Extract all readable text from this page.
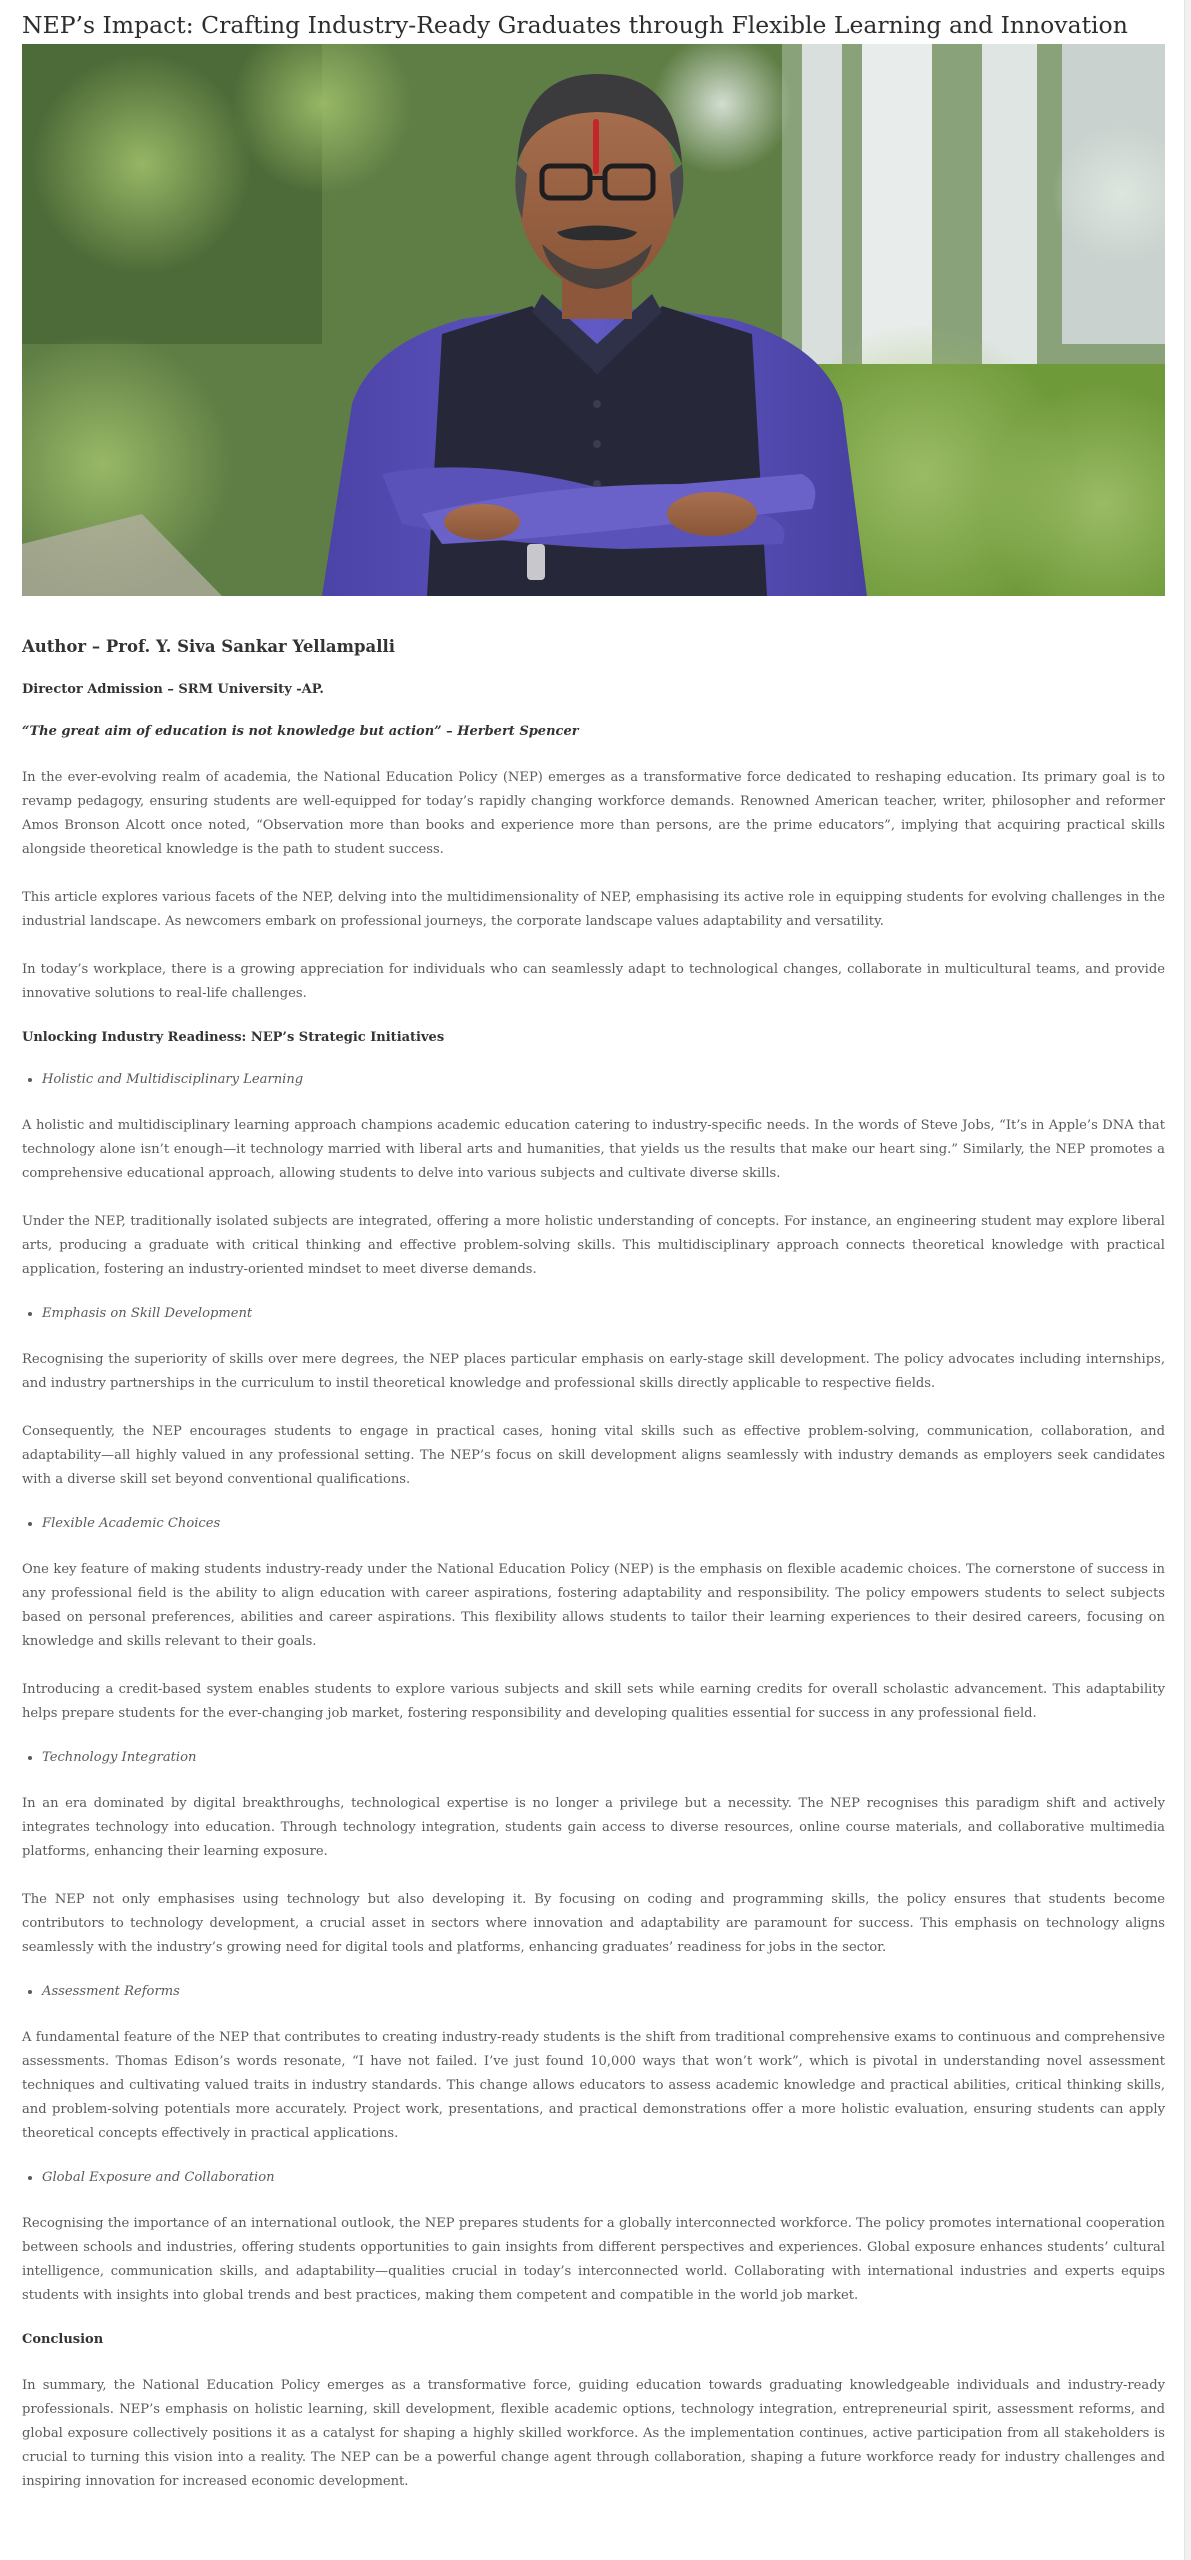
NEP’s Impact: Crafting Industry-Ready Graduates through Flexible Learning and Innovation
Author – Prof. Y. Siva Sankar Yellampalli
Director Admission – SRM University -AP.
“The great aim of education is not knowledge but action” – Herbert Spencer

In the ever-evolving realm of academia, the National Education Policy (NEP) emerges as a transformative force dedicated to reshaping education. Its primary goal is to revamp pedagogy, ensuring students are well-equipped for today’s rapidly changing workforce demands. Renowned American teacher, writer, philosopher and reformer Amos Bronson Alcott once noted, “Observation more than books and experience more than persons, are the prime educators”, implying that acquiring practical skills alongside theoretical knowledge is the path to student success.

This article explores various facets of the NEP, delving into the multidimensionality of NEP, emphasising its active role in equipping students for evolving challenges in the industrial landscape. As newcomers embark on professional journeys, the corporate landscape values adaptability and versatility.

In today’s workplace, there is a growing appreciation for individuals who can seamlessly adapt to technological changes, collaborate in multicultural teams, and provide innovative solutions to real-life challenges.

Unlocking Industry Readiness: NEP’s Strategic Initiatives
• Holistic and Multidisciplinary Learning

A holistic and multidisciplinary learning approach champions academic education catering to industry-specific needs. In the words of Steve Jobs, “It’s in Apple’s DNA that technology alone isn’t enough—it technology married with liberal arts and humanities, that yields us the results that make our heart sing.” Similarly, the NEP promotes a comprehensive educational approach, allowing students to delve into various subjects and cultivate diverse skills.

Under the NEP, traditionally isolated subjects are integrated, offering a more holistic understanding of concepts. For instance, an engineering student may explore liberal arts, producing a graduate with critical thinking and effective problem-solving skills. This multidisciplinary approach connects theoretical knowledge with practical application, fostering an industry-oriented mindset to meet diverse demands.

• Emphasis on Skill Development

Recognising the superiority of skills over mere degrees, the NEP places particular emphasis on early-stage skill development. The policy advocates including internships, and industry partnerships in the curriculum to instil theoretical knowledge and professional skills directly applicable to respective fields.

Consequently, the NEP encourages students to engage in practical cases, honing vital skills such as effective problem-solving, communication, collaboration, and adaptability—all highly valued in any professional setting. The NEP’s focus on skill development aligns seamlessly with industry demands as employers seek candidates with a diverse skill set beyond conventional qualifications.

• Flexible Academic Choices

One key feature of making students industry-ready under the National Education Policy (NEP) is the emphasis on flexible academic choices. The cornerstone of success in any professional field is the ability to align education with career aspirations, fostering adaptability and responsibility. The policy empowers students to select subjects based on personal preferences, abilities and career aspirations. This flexibility allows students to tailor their learning experiences to their desired careers, focusing on knowledge and skills relevant to their goals.

Introducing a credit-based system enables students to explore various subjects and skill sets while earning credits for overall scholastic advancement. This adaptability helps prepare students for the ever-changing job market, fostering responsibility and developing qualities essential for success in any professional field.

• Technology Integration

In an era dominated by digital breakthroughs, technological expertise is no longer a privilege but a necessity. The NEP recognises this paradigm shift and actively integrates technology into education. Through technology integration, students gain access to diverse resources, online course materials, and collaborative multimedia platforms, enhancing their learning exposure.

The NEP not only emphasises using technology but also developing it. By focusing on coding and programming skills, the policy ensures that students become contributors to technology development, a crucial asset in sectors where innovation and adaptability are paramount for success. This emphasis on technology aligns seamlessly with the industry’s growing need for digital tools and platforms, enhancing graduates’ readiness for jobs in the sector.

• Assessment Reforms

A fundamental feature of the NEP that contributes to creating industry-ready students is the shift from traditional comprehensive exams to continuous and comprehensive assessments. Thomas Edison’s words resonate, “I have not failed. I’ve just found 10,000 ways that won’t work”, which is pivotal in understanding novel assessment techniques and cultivating valued traits in industry standards. This change allows educators to assess academic knowledge and practical abilities, critical thinking skills, and problem-solving potentials more accurately. Project work, presentations, and practical demonstrations offer a more holistic evaluation, ensuring students can apply theoretical concepts effectively in practical applications.

• Global Exposure and Collaboration

Recognising the importance of an international outlook, the NEP prepares students for a globally interconnected workforce. The policy promotes international cooperation between schools and industries, offering students opportunities to gain insights from different perspectives and experiences. Global exposure enhances students’ cultural intelligence, communication skills, and adaptability—qualities crucial in today’s interconnected world. Collaborating with international industries and experts equips students with insights into global trends and best practices, making them competent and compatible in the world job market.

Conclusion

In summary, the National Education Policy emerges as a transformative force, guiding education towards graduating knowledgeable individuals and industry-ready professionals. NEP’s emphasis on holistic learning, skill development, flexible academic options, technology integration, entrepreneurial spirit, assessment reforms, and global exposure collectively positions it as a catalyst for shaping a highly skilled workforce. As the implementation continues, active participation from all stakeholders is crucial to turning this vision into a reality. The NEP can be a powerful change agent through collaboration, shaping a future workforce ready for industry challenges and inspiring innovation for increased economic development.
